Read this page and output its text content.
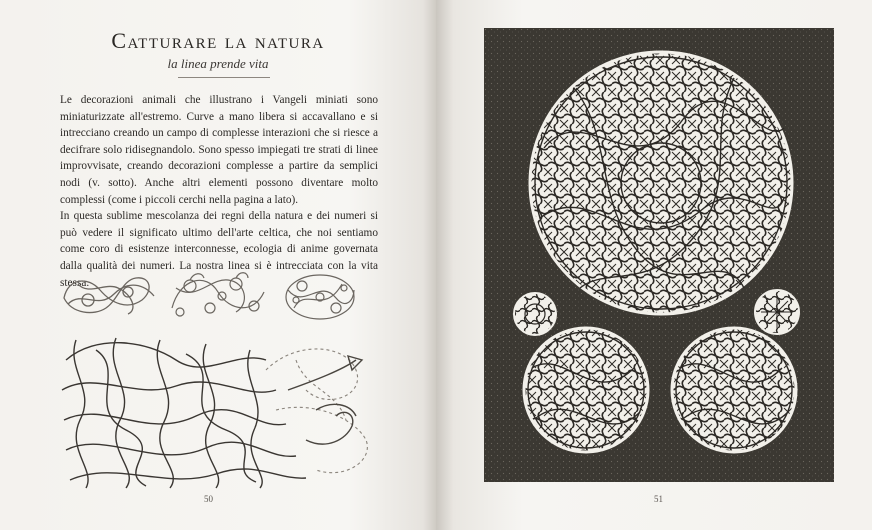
Catturare la natura
la linea prende vita

Le decorazioni animali che illustrano i Vangeli miniati sono miniaturizzate all'estremo. Curve a mano libera si accavallano e si intrecciano creando un campo di complesse interazioni che si riesce a decifrare solo ridisegnandolo. Sono spesso impiegati tre strati di linee improvvisate, creando decorazioni complesse a partire da semplici nodi (v. sotto). Anche altri elementi possono diventare molto complessi (come i piccoli cerchi nella pagina a lato).

In questa sublime mescolanza dei regni della natura e dei numeri si può vedere il significato ultimo dell'arte celtica, che noi sentiamo come coro di esistenze interconnesse, ecologia di anime governata dalla qualità dei numeri. La nostra linea si è intrecciata con la vita stessa.

50	51
